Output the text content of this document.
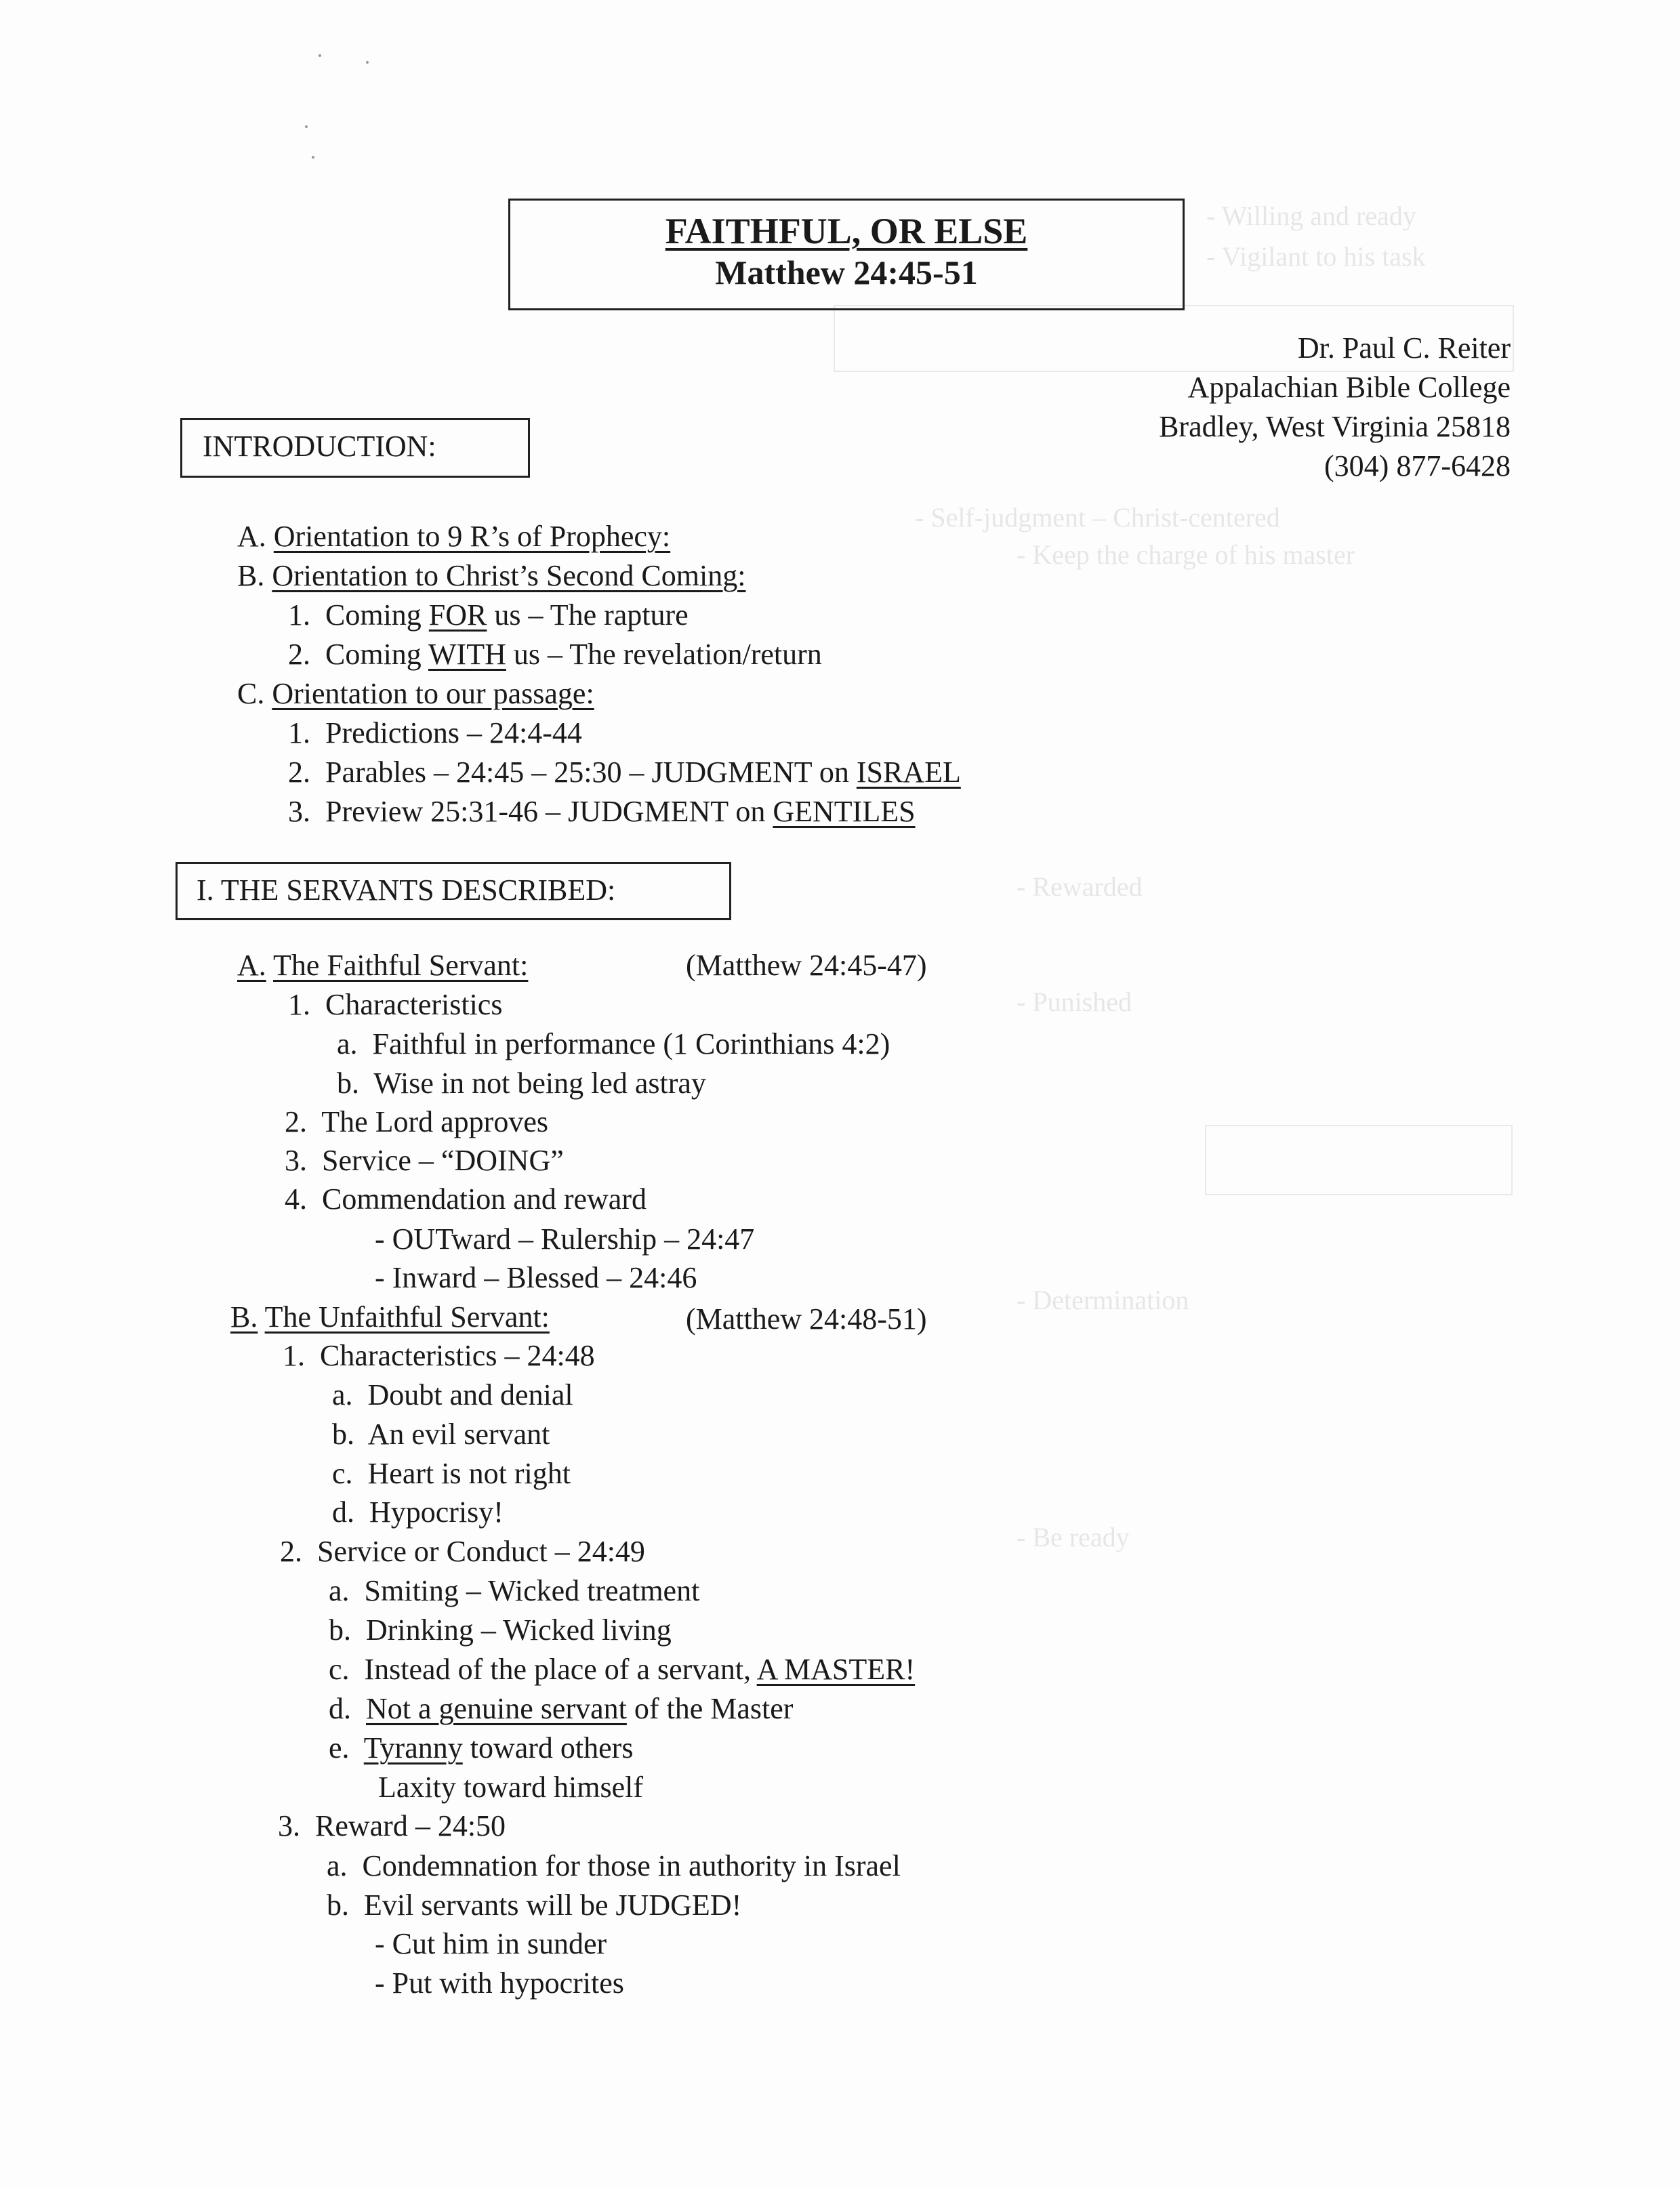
- Willing and ready
- Vigilant to his task
- Self-judgment – Christ-centered
- Keep the charge of his master
- Rewarded
- Punished
- Determination
- Be ready
FAITHFUL, OR ELSE
Matthew 24:45-51
Dr. Paul C. Reiter
Appalachian Bible College
Bradley, West Virginia 25818
(304) 877-6428
INTRODUCTION:
A. Orientation to 9 R’s of Prophecy:
B. Orientation to Christ’s Second Coming:
1. Coming FOR us – The rapture
2. Coming WITH us – The revelation/return
C. Orientation to our passage:
1. Predictions – 24:4-44
2. Parables – 24:45 – 25:30 – JUDGMENT on ISRAEL
3. Preview 25:31-46 – JUDGMENT on GENTILES
I. THE SERVANTS DESCRIBED:
A. The Faithful Servant:	(Matthew 24:45-47)
1. Characteristics
a. Faithful in performance (1 Corinthians 4:2)
b. Wise in not being led astray
2. The Lord approves
3. Service – “DOING”
4. Commendation and reward
- OUTward – Rulership – 24:47
- Inward – Blessed – 24:46
B. The Unfaithful Servant:	(Matthew 24:48-51)
1. Characteristics – 24:48
a. Doubt and denial
b. An evil servant
c. Heart is not right
d. Hypocrisy!
2. Service or Conduct – 24:49
a. Smiting – Wicked treatment
b. Drinking – Wicked living
c. Instead of the place of a servant, A MASTER!
d. Not a genuine servant of the Master
e. Tyranny toward others
Laxity toward himself
3. Reward – 24:50
a. Condemnation for those in authority in Israel
b. Evil servants will be JUDGED!
- Cut him in sunder
- Put with hypocrites
